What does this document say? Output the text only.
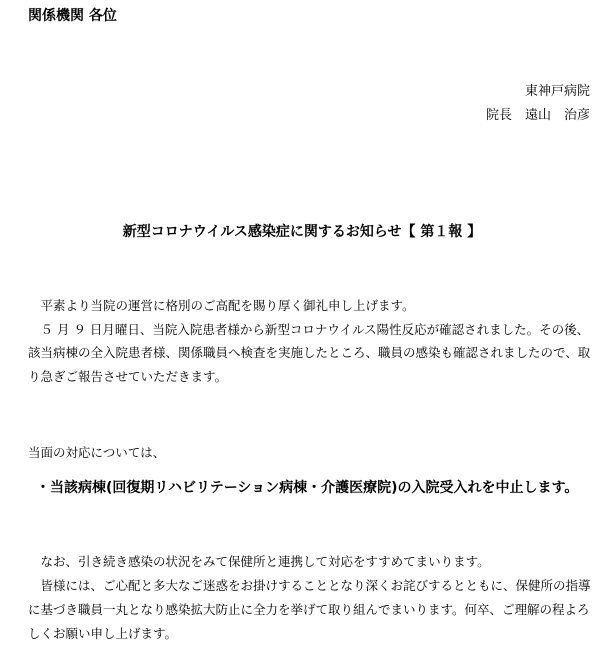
関係機関 各位
東神戸病院
院長　遠山　治彦
新型コロナウイルス感染症に関するお知らせ【 第１報 】

平素より当院の運営に格別のご高配を賜り厚く御礼申し上げます。

５ 月 ９ 日月曜日、当院入院患者様から新型コロナウイルス陽性反応が確認されました。その後、該当病棟の全入院患者様、関係職員へ検査を実施したところ、職員の感染も確認されましたので、取り急ぎご報告させていただきます。

当面の対応については、
・当該病棟(回復期リハビリテーション病棟・介護医療院)の入院受入れを中止します。

なお、引き続き感染の状況をみて保健所と連携して対応をすすめてまいります。

皆様には、ご心配と多大なご迷惑をお掛けすることとなり深くお詫びするとともに、保健所の指導に基づき職員一丸となり感染拡大防止に全力を挙げて取り組んでまいります。何卒、ご理解の程よろしくお願い申し上げます。
